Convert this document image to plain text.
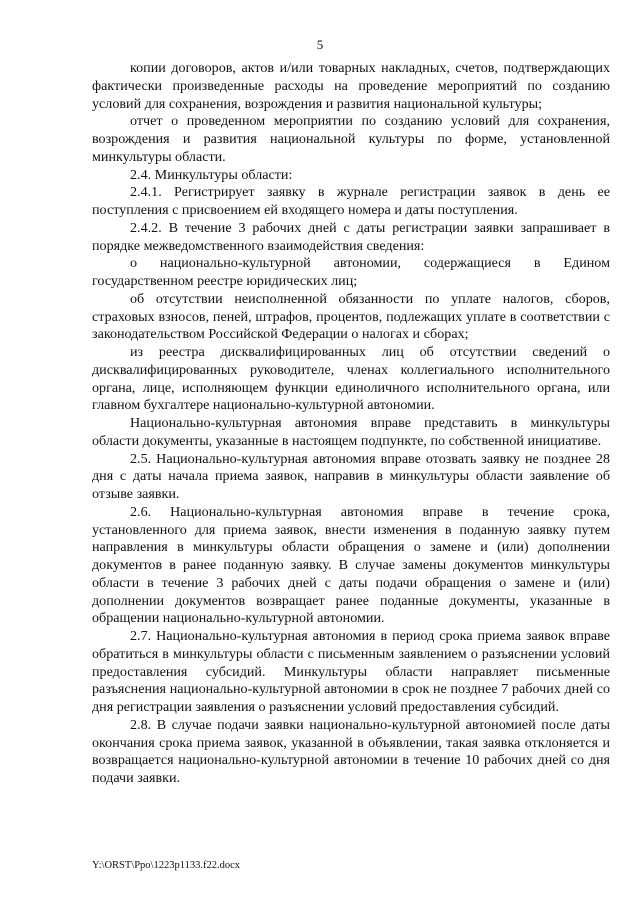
5

копии договоров, актов и/или товарных накладных, счетов, подтверждающих фактически произведенные расходы на проведение мероприятий по созданию условий для сохранения, возрождения и развития национальной культуры;

отчет о проведенном мероприятии по созданию условий для сохранения, возрождения и развития национальной культуры по форме, установленной минкультуры области.

2.4. Минкультуры области:

2.4.1. Регистрирует заявку в журнале регистрации заявок в день ее поступления с присвоением ей входящего номера и даты поступления.

2.4.2. В течение 3 рабочих дней с даты регистрации заявки запрашивает в порядке межведомственного взаимодействия сведения:

о национально-культурной автономии, содержащиеся в Едином государственном реестре юридических лиц;

об отсутствии неисполненной обязанности по уплате налогов, сборов, страховых взносов, пеней, штрафов, процентов, подлежащих уплате в соответствии с законодательством Российской Федерации о налогах и сборах;

из реестра дисквалифицированных лиц об отсутствии сведений о дисквалифицированных руководителе, членах коллегиального исполнительного органа, лице, исполняющем функции единоличного исполнительного органа, или главном бухгалтере национально-культурной автономии.

Национально-культурная автономия вправе представить в минкультуры области документы, указанные в настоящем подпункте, по собственной инициативе.

2.5. Национально-культурная автономия вправе отозвать заявку не позднее 28 дня с даты начала приема заявок, направив в минкультуры области заявление об отзыве заявки.

2.6. Национально-культурная автономия вправе в течение срока, установленного для приема заявок, внести изменения в поданную заявку путем направления в минкультуры области обращения о замене и (или) дополнении документов в ранее поданную заявку. В случае замены документов минкультуры области в течение 3 рабочих дней с даты подачи обращения о замене и (или) дополнении документов возвращает ранее поданные документы, указанные в обращении национально-культурной автономии.

2.7. Национально-культурная автономия в период срока приема заявок вправе обратиться в минкультуры области с письменным заявлением о разъяснении условий предоставления субсидий. Минкультуры области направляет письменные разъяснения национально-культурной автономии в срок не позднее 7 рабочих дней со дня регистрации заявления о разъяснении условий предоставления субсидий.

2.8. В случае подачи заявки национально-культурной автономией после даты окончания срока приема заявок, указанной в объявлении, такая заявка отклоняется и возвращается национально-культурной автономии в течение 10 рабочих дней со дня подачи заявки.

Y:\ORST\Ppo\1223p1133.f22.docx
